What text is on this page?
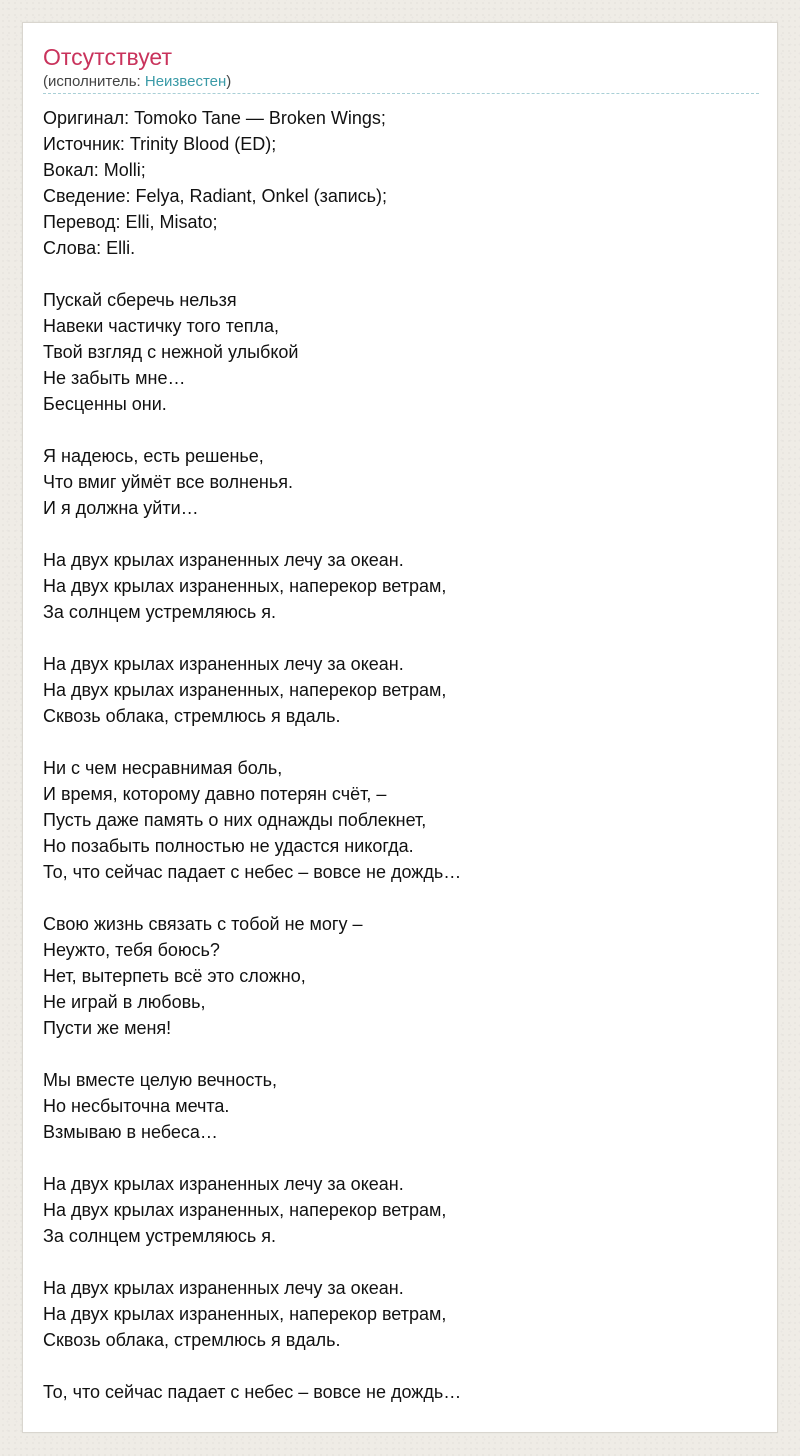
Отсутствует
(исполнитель: Неизвестен)
Оригинал: Tomoko Tane — Broken Wings;
Источник: Trinity Blood (ED);
Вокал: Molli;
Сведение: Felya, Radiant, Onkel (запись);
Перевод: Elli, Misato;
Слова: Elli.
Пускай сберечь нельзя
Навеки частичку того тепла,
Твой взгляд с нежной улыбкой
Не забыть мне…
Бесценны они.
Я надеюсь, есть решенье,
Что вмиг уймёт все волненья.
И я должна уйти…
На двух крылах израненных лечу за океан.
На двух крылах израненных, наперекор ветрам,
За солнцем устремляюсь я.
На двух крылах израненных лечу за океан.
На двух крылах израненных, наперекор ветрам,
Сквозь облака, стремлюсь я вдаль.
Ни с чем несравнимая боль,
И время, которому давно потерян счёт, –
Пусть даже память о них однажды поблекнет,
Но позабыть полностью не удастся никогда.
То, что сейчас падает с небес – вовсе не дождь…
Свою жизнь связать с тобой не могу –
Неужто, тебя боюсь?
Нет, вытерпеть всё это сложно,
Не играй в любовь,
Пусти же меня!
Мы вместе целую вечность,
Но несбыточна мечта.
Взмываю в небеса…
На двух крылах израненных лечу за океан.
На двух крылах израненных, наперекор ветрам,
За солнцем устремляюсь я.
На двух крылах израненных лечу за океан.
На двух крылах израненных, наперекор ветрам,
Сквозь облака, стремлюсь я вдаль.
То, что сейчас падает с небес – вовсе не дождь…
